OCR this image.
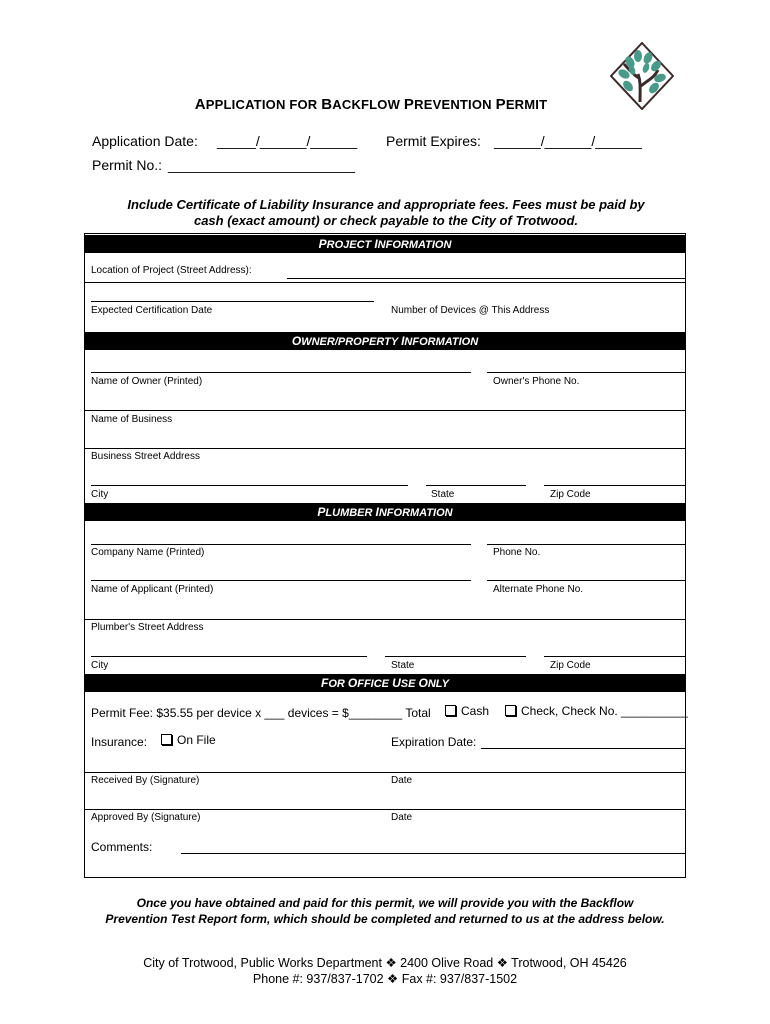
APPLICATION FOR BACKFLOW PREVENTION PERMIT
Application Date: _____/______/______ Permit Expires: ______/______/______
Permit No.: ________________________
Include Certificate of Liability Insurance and appropriate fees. Fees must be paid by
cash (exact amount) or check payable to the City of Trotwood.
PROJECT INFORMATION
Location of Project (Street Address):
Expected Certification Date	Number of Devices @ This Address
OWNER/PROPERTY INFORMATION
Name of Owner (Printed)	Owner's Phone No.
Name of Business
Business Street Address
City	State	Zip Code
PLUMBER INFORMATION
Company Name (Printed)	Phone No.
Name of Applicant (Printed)	Alternate Phone No.
Plumber's Street Address
City	State	Zip Code
FOR OFFICE USE ONLY
Permit Fee: $35.55 per device x ___ devices = $________ Total	Cash	Check, Check No. __________
Insurance:	On File	Expiration Date:
Received By (Signature)	Date
Approved By (Signature)	Date
Comments:
Once you have obtained and paid for this permit, we will provide you with the Backflow
Prevention Test Report form, which should be completed and returned to us at the address below.
City of Trotwood, Public Works Department ❖ 2400 Olive Road ❖ Trotwood, OH 45426
Phone #: 937/837-1702 ❖ Fax #: 937/837-1502
